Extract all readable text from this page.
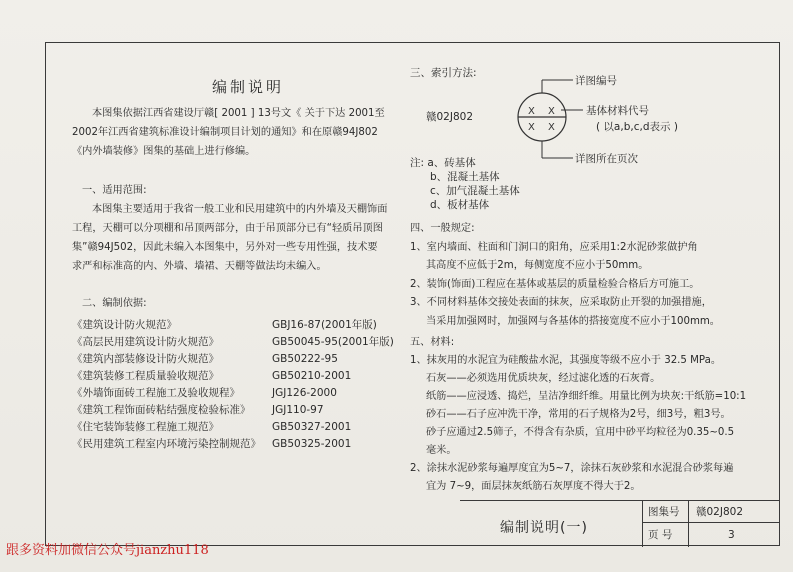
编制说明
本图集依据江西省建设厅赣[ 2001 ] 13号文《 关于下达 2001至
2002年江西省建筑标准设计编制项目计划的通知》和在原赣94J802
《内外墙装修》图集的基础上进行修编。
一、适用范围:
本图集主要适用于我省一般工业和民用建筑中的内外墙及天棚饰面
工程，天棚可以分项棚和吊顶两部分，由于吊顶部分已有“轻质吊顶图
集”赣94J502，因此未编入本图集中，另外对一些专用性强，技术要
求严和标准高的内、外墙、墙裙、天棚等做法均未编入。
二、编制依据:
《建筑设计防火规范》	GBJ16-87(2001年版)
《高层民用建筑设计防火规范》	GB50045-95(2001年版)
《建筑内部装修设计防火规范》	GB50222-95
《建筑装修工程质量验收规范》	GB50210-2001
《外墙饰面砖工程施工及验收规程》	JGJ126-2000
《建筑工程饰面砖粘结强度检验标准》 JGJ110-97
《住宅装饰装修工程施工规范》	GB50327-2001
《民用建筑工程室内环境污染控制规范》 GB50325-2001
三、索引方法:
X X
X X
赣02J802
详图编号
基体材料代号
( 以a,b,c,d表示 )
详图所在页次
注: a、砖基体
b、混凝土基体
c、加气混凝土基体
d、板材基体
四、一般规定:
1、室内墙面、柱面和门洞口的阳角，应采用1:2水泥砂浆做护角
其高度不应低于2m，每侧宽度不应小于50mm。
2、装饰(饰面)工程应在基体或基层的质量检验合格后方可施工。
3、不同材料基体交接处表面的抹灰，应采取防止开裂的加强措施，
当采用加强网时，加强网与各基体的搭接宽度不应小于100mm。
五、材料:
1、抹灰用的水泥宜为硅酸盐水泥，其强度等级不应小于 32.5 MPa。
石灰——必须选用优质块灰，经过滤化透的石灰膏。
纸筋——应浸透、捣烂，呈洁净细纤维。用量比例为块灰:干纸筋=10:1
砂石——石子应冲洗干净，常用的石子规格为2号，细3号，粗3号。
砂子应通过2.5筛子，不得含有杂质，宜用中砂平均粒径为0.35~0.5
毫米。
2、涂抹水泥砂浆每遍厚度宜为5~7，涂抹石灰砂浆和水泥混合砂浆每遍
宜为 7~9，面层抹灰纸筋石灰厚度不得大于2。
编制说明(一)
图集号 赣02J802
页 号	3
跟多资料加微信公众号jianzhu118
